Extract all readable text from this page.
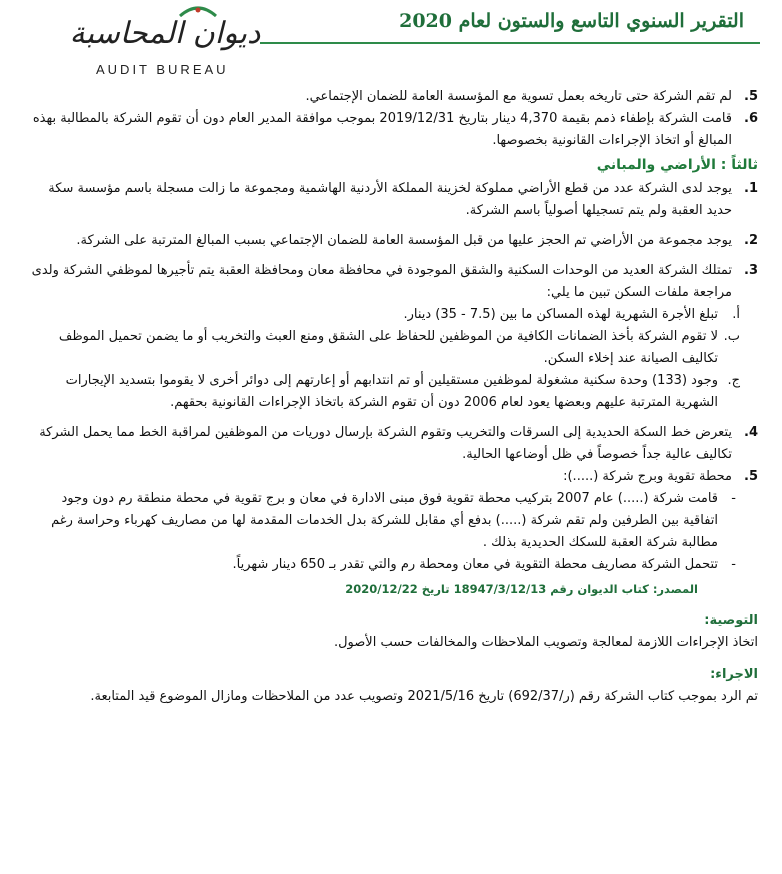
التقرير السنوي التاسع والستون لعام 2020
ديوان المحاسبة
AUDIT BUREAU
5.

لم تقم الشركة حتى تاريخه بعمل تسوية مع المؤسسة العامة للضمان الإجتماعي.

6.

قامت الشركة بإطفاء ذمم بقيمة 4,370 دينار بتاريخ 2019/12/31 بموجب موافقة المدير العام دون أن تقوم الشركة بالمطالبة بهذه المبالغ أو اتخاذ الإجراءات القانونية بخصوصها.

ثالثاً : الأراضي والمباني
1.

يوجد لدى الشركة عدد من قطع الأراضي مملوكة لخزينة المملكة الأردنية الهاشمية ومجموعة ما زالت مسجلة باسم مؤسسة سكة حديد العقبة ولم يتم تسجيلها أصولياً باسم الشركة.

2.

يوجد مجموعة من الأراضي تم الحجز عليها من قبل المؤسسة العامة للضمان الإجتماعي بسبب المبالغ المترتبة على الشركة.

3.

تمتلك الشركة العديد من الوحدات السكنية والشقق الموجودة في محافظة معان ومحافظة العقبة يتم تأجيرها لموظفي الشركة ولدى مراجعة ملفات السكن تبين ما يلي:

أ.

تبلغ الأجرة الشهرية لهذه المساكن ما بين (7.5 - 35) دينار.

ب.

لا تقوم الشركة بأخذ الضمانات الكافية من الموظفين للحفاظ على الشقق ومنع العبث والتخريب أو ما يضمن تحميل الموظف تكاليف الصيانة عند إخلاء السكن.

ج.

وجود (133) وحدة سكنية مشغولة لموظفين مستقيلين أو تم انتدابهم أو إعارتهم إلى دوائر أخرى لا يقوموا بتسديد الإيجارات الشهرية المترتبة عليهم وبعضها يعود لعام 2006 دون أن تقوم الشركة باتخاذ الإجراءات القانونية بحقهم.

4.

يتعرض خط السكة الحديدية إلى السرقات والتخريب وتقوم الشركة بإرسال دوريات من الموظفين لمراقبة الخط مما يحمل الشركة تكاليف عالية جداً خصوصاً في ظل أوضاعها الحالية.

5.

محطة تقوية وبرج شركة (.....):

-

قامت شركة (.....) عام 2007 بتركيب محطة تقوية فوق مبنى الادارة في معان و برج تقوية في محطة منطقة رم دون وجود اتفاقية بين الطرفين ولم تقم شركة (.....) بدفع أي مقابل للشركة بدل الخدمات المقدمة لها من مصاريف كهرباء وحراسة رغم مطالبة شركة العقبة للسكك الحديدية بذلك .

-

تتحمل الشركة مصاريف محطة التقوية في معان ومحطة رم والتي تقدر بـ 650 دينار شهرياً.

المصدر: كتاب الديوان رقم 18947/3/12/13 تاريخ 2020/12/22
التوصية:

اتخاذ الإجراءات اللازمة لمعالجة وتصويب الملاحظات والمخالفات حسب الأصول.

الاجراء:

تم الرد بموجب كتاب الشركة رقم (ر/692/37) تاريخ 2021/5/16 وتصويب عدد من الملاحظات ومازال الموضوع قيد المتابعة.
